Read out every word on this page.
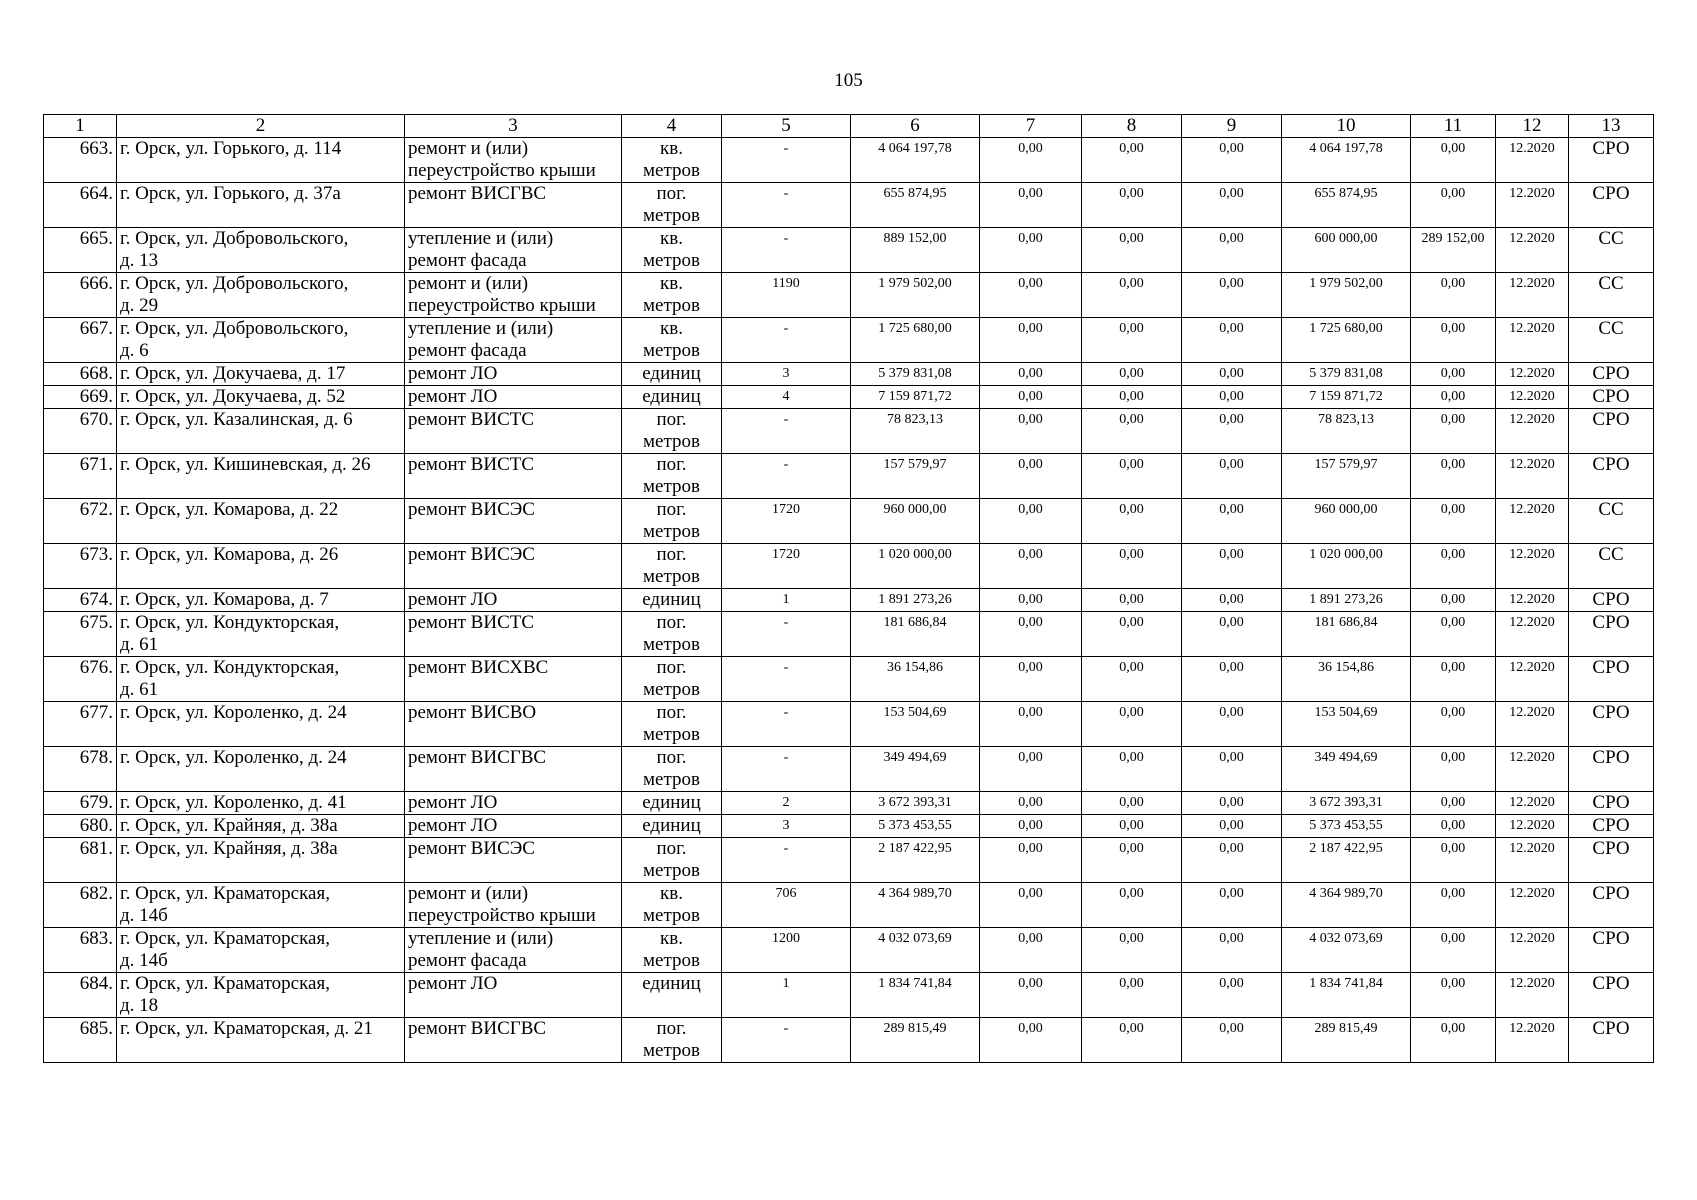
105
1	2	3	4	5	6	7	8	9	10	11	12	13
663.	г. Орск, ул. Горького, д. 114	ремонт и (или)
переустройство крыши	кв.
метров	-	4 064 197,78	0,00	0,00	0,00	4 064 197,78	0,00	12.2020	СРО
664.	г. Орск, ул. Горького, д. 37а	ремонт ВИСГВС	пог.
метров	-	655 874,95	0,00	0,00	0,00	655 874,95	0,00	12.2020	СРО
665.	г. Орск, ул. Добровольского,
д. 13	утепление и (или)
ремонт фасада	кв.
метров	-	889 152,00	0,00	0,00	0,00	600 000,00	289 152,00	12.2020	СС
666.	г. Орск, ул. Добровольского,
д. 29	ремонт и (или)
переустройство крыши	кв.
метров	1190	1 979 502,00	0,00	0,00	0,00	1 979 502,00	0,00	12.2020	СС
667.	г. Орск, ул. Добровольского,
д. 6	утепление и (или)
ремонт фасада	кв.
метров	-	1 725 680,00	0,00	0,00	0,00	1 725 680,00	0,00	12.2020	СС
668.	г. Орск, ул. Докучаева, д. 17	ремонт ЛО	единиц	3	5 379 831,08	0,00	0,00	0,00	5 379 831,08	0,00	12.2020	СРО
669.	г. Орск, ул. Докучаева, д. 52	ремонт ЛО	единиц	4	7 159 871,72	0,00	0,00	0,00	7 159 871,72	0,00	12.2020	СРО
670.	г. Орск, ул. Казалинская, д. 6	ремонт ВИСТС	пог.
метров	-	78 823,13	0,00	0,00	0,00	78 823,13	0,00	12.2020	СРО
671.	г. Орск, ул. Кишиневская, д. 26	ремонт ВИСТС	пог.
метров	-	157 579,97	0,00	0,00	0,00	157 579,97	0,00	12.2020	СРО
672.	г. Орск, ул. Комарова, д. 22	ремонт ВИСЭС	пог.
метров	1720	960 000,00	0,00	0,00	0,00	960 000,00	0,00	12.2020	СС
673.	г. Орск, ул. Комарова, д. 26	ремонт ВИСЭС	пог.
метров	1720	1 020 000,00	0,00	0,00	0,00	1 020 000,00	0,00	12.2020	СС
674.	г. Орск, ул. Комарова, д. 7	ремонт ЛО	единиц	1	1 891 273,26	0,00	0,00	0,00	1 891 273,26	0,00	12.2020	СРО
675.	г. Орск, ул. Кондукторская,
д. 61	ремонт ВИСТС	пог.
метров	-	181 686,84	0,00	0,00	0,00	181 686,84	0,00	12.2020	СРО
676.	г. Орск, ул. Кондукторская,
д. 61	ремонт ВИСХВС	пог.
метров	-	36 154,86	0,00	0,00	0,00	36 154,86	0,00	12.2020	СРО
677.	г. Орск, ул. Короленко, д. 24	ремонт ВИСВО	пог.
метров	-	153 504,69	0,00	0,00	0,00	153 504,69	0,00	12.2020	СРО
678.	г. Орск, ул. Короленко, д. 24	ремонт ВИСГВС	пог.
метров	-	349 494,69	0,00	0,00	0,00	349 494,69	0,00	12.2020	СРО
679.	г. Орск, ул. Короленко, д. 41	ремонт ЛО	единиц	2	3 672 393,31	0,00	0,00	0,00	3 672 393,31	0,00	12.2020	СРО
680.	г. Орск, ул. Крайняя, д. 38а	ремонт ЛО	единиц	3	5 373 453,55	0,00	0,00	0,00	5 373 453,55	0,00	12.2020	СРО
681.	г. Орск, ул. Крайняя, д. 38а	ремонт ВИСЭС	пог.
метров	-	2 187 422,95	0,00	0,00	0,00	2 187 422,95	0,00	12.2020	СРО
682.	г. Орск, ул. Краматорская,
д. 14б	ремонт и (или)
переустройство крыши	кв.
метров	706	4 364 989,70	0,00	0,00	0,00	4 364 989,70	0,00	12.2020	СРО
683.	г. Орск, ул. Краматорская,
д. 14б	утепление и (или)
ремонт фасада	кв.
метров	1200	4 032 073,69	0,00	0,00	0,00	4 032 073,69	0,00	12.2020	СРО
684.	г. Орск, ул. Краматорская,
д. 18	ремонт ЛО	единиц	1	1 834 741,84	0,00	0,00	0,00	1 834 741,84	0,00	12.2020	СРО
685.	г. Орск, ул. Краматорская, д. 21	ремонт ВИСГВС	пог.
метров	-	289 815,49	0,00	0,00	0,00	289 815,49	0,00	12.2020	СРО
